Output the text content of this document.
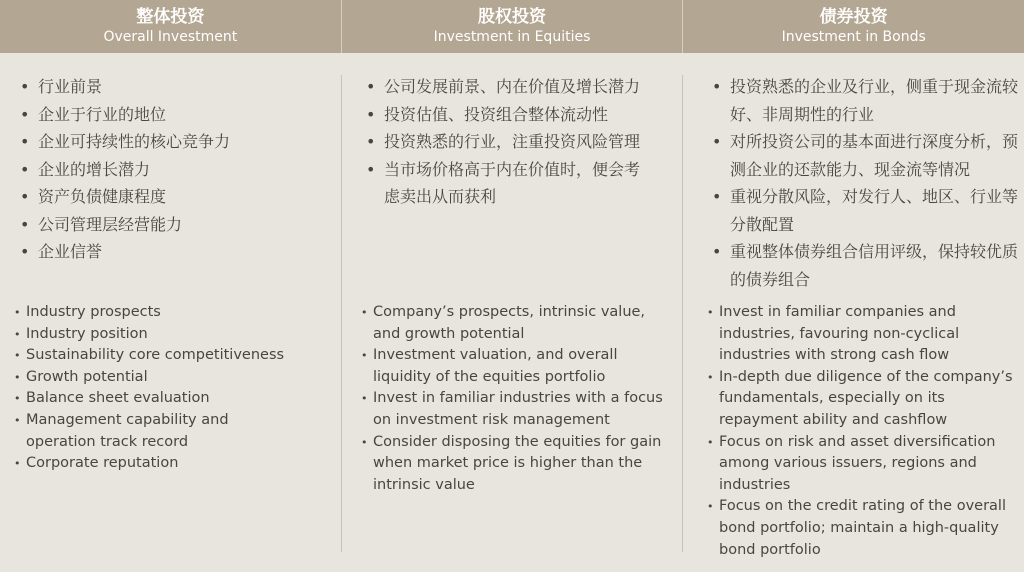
整体投资
Overall Investment
股权投资
Investment in Equities
债券投资
Investment in Bonds
• 行业前景
• 企业于行业的地位
• 企业可持续性的核心竞争力
• 企业的增长潜力
• 资产负债健康程度
• 公司管理层经营能力
• 企业信誉
• Industry prospects
• Industry position
• Sustainability core competitiveness
• Growth potential
• Balance sheet evaluation
• Management capability and operation track record
• Corporate reputation
• 公司发展前景、内在价值及增长潜力
• 投资估值、投资组合整体流动性
• 投资熟悉的行业，注重投资风险管理
• 当市场价格高于内在价值时，便会考虑卖出从而获利
• Company’s prospects, intrinsic value, and growth potential
• Investment valuation, and overall liquidity of the equities portfolio
• Invest in familiar industries with a focus on investment risk management
• Consider disposing the equities for gain when market price is higher than the intrinsic value
• 投资熟悉的企业及行业，侧重于现金流较好、非周期性的行业
• 对所投资公司的基本面进行深度分析，预测企业的还款能力、现金流等情况
• 重视分散风险，对发行人、地区、行业等分散配置
• 重视整体债券组合信用评级，保持较优质的债券组合
• Invest in familiar companies and industries, favouring non-cyclical industries with strong cash flow
• In-depth due diligence of the company’s fundamentals, especially on its repayment ability and cashflow
• Focus on risk and asset diversification among various issuers, regions and industries
• Focus on the credit rating of the overall bond portfolio; maintain a high-quality bond portfolio
